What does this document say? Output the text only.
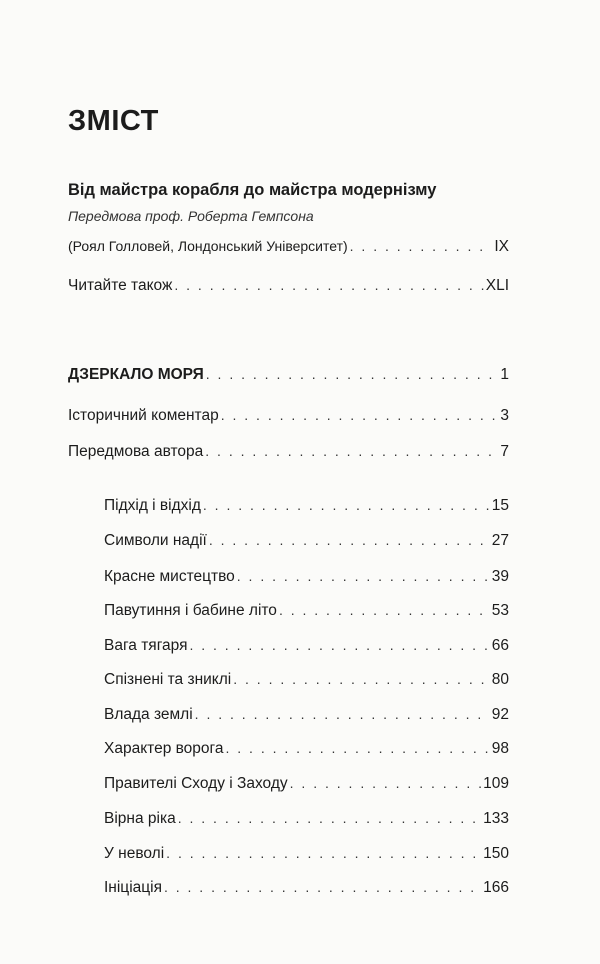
ЗМІСТ
Від майстра корабля до майстра модернізму
Передмова проф. Роберта Гемпсона
(Роял Голловей, Лондонський Університет) . . .	IX
Читайте також . . .	XLI
ДЗЕРКАЛО МОРЯ . . .	1
Історичний коментар . . .	3
Передмова автора . . .	7
Підхід і відхід . . .	15
Символи надії . . .	27
Красне мистецтво . . .	39
Павутиння і бабине літо . . .	53
Вага тягаря . . .	66
Спізнені та зниклі . . .	80
Влада землі . . .	92
Характер ворога . . .	98
Правителі Сходу і Заходу . . .	109
Вірна ріка . . .	133
У неволі . . .	150
Ініціація . . .	166
